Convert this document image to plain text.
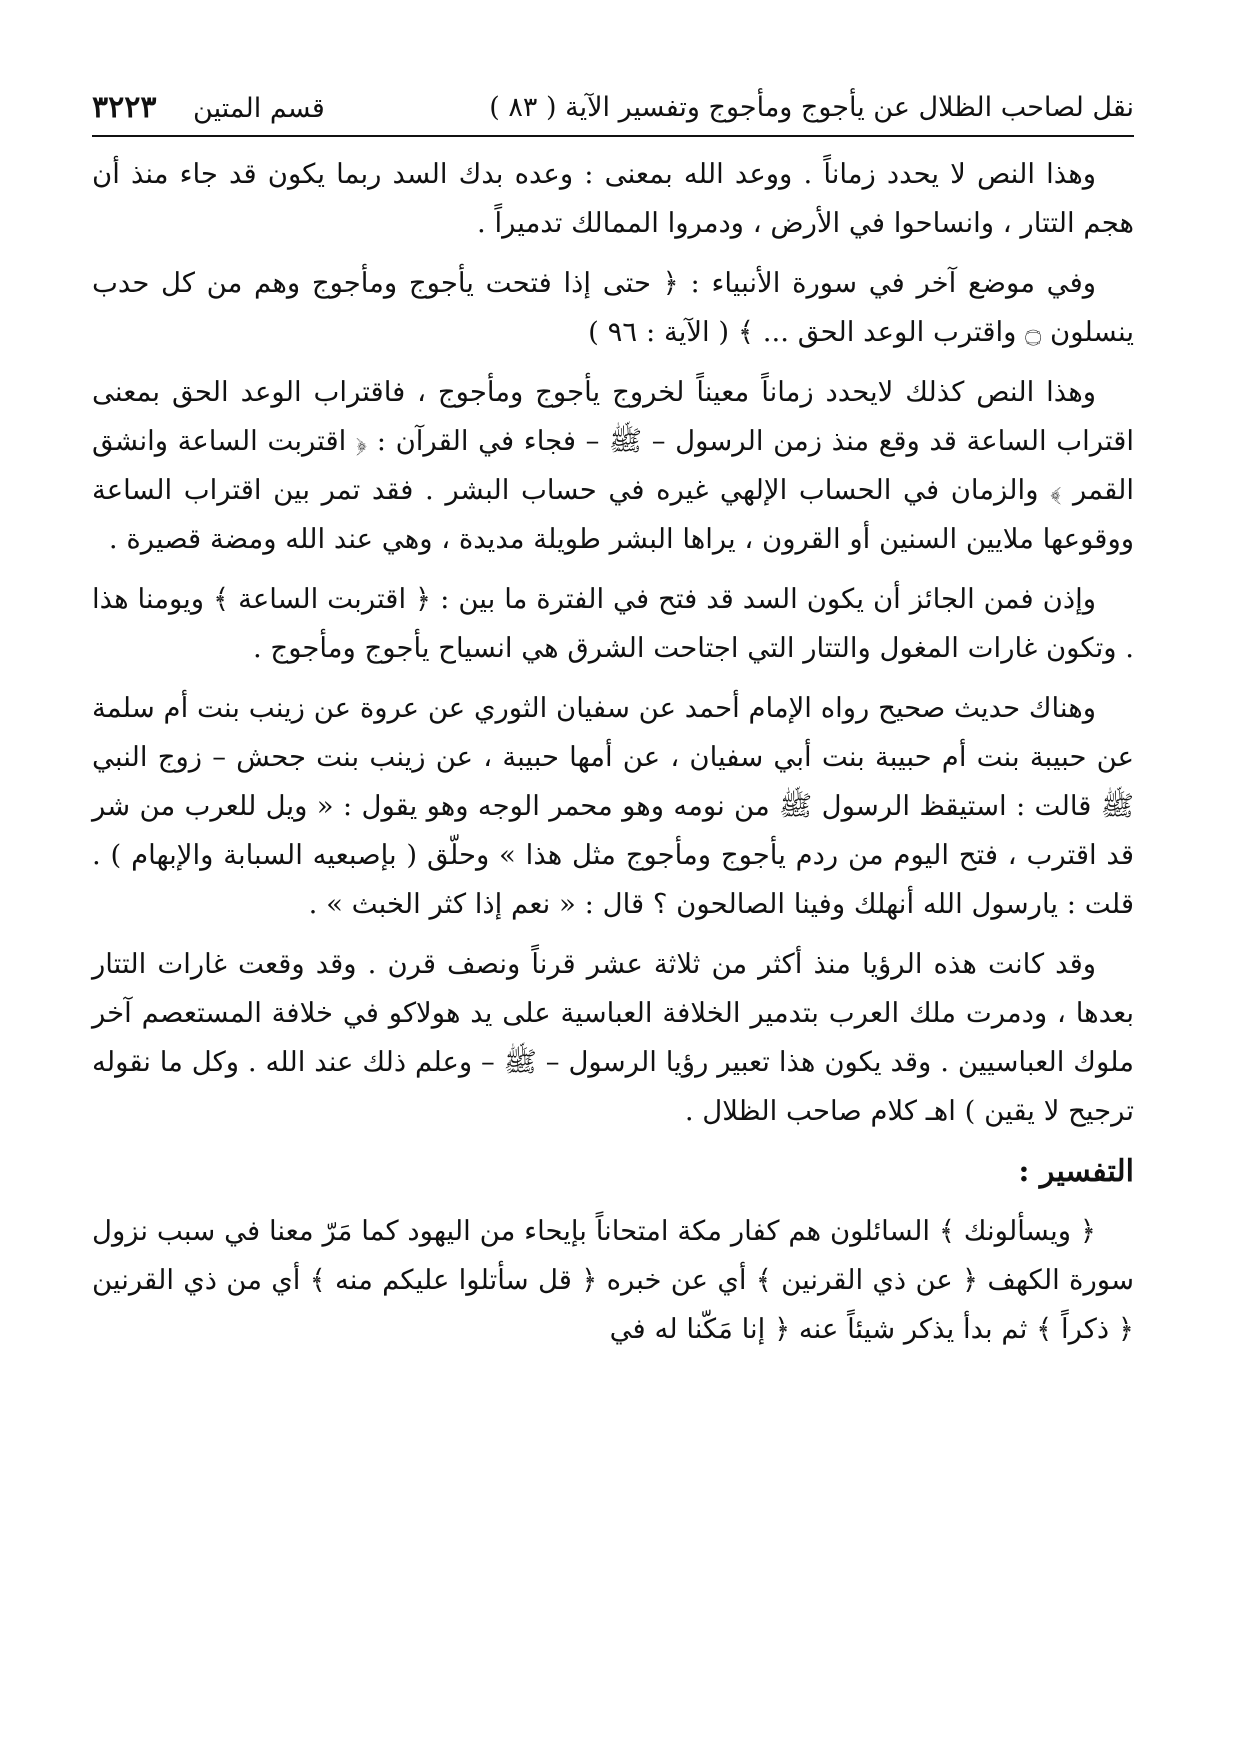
نقل لصاحب الظلال عن يأجوج ومأجوج وتفسير الآية ( ٨٣ )
قسم المتين ٣٢٢٣

وهذا النص لا يحدد زماناً . ووعد الله بمعنى : وعده بدك السد ربما يكون قد جاء منذ أن هجم التتار ، وانساحوا في الأرض ، ودمروا الممالك تدميراً .

وفي موضع آخر في سورة الأنبياء : ﴿ حتى إذا فتحت يأجوج ومأجوج وهم من كل حدب ينسلون ۝ واقترب الوعد الحق ... ﴾ ( الآية : ٩٦ )

وهذا النص كذلك لايحدد زماناً معيناً لخروج يأجوج ومأجوج ، فاقتراب الوعد الحق بمعنى اقتراب الساعة قد وقع منذ زمن الرسول – ﷺ – فجاء في القرآن : ﴿ اقتربت الساعة وانشق القمر ﴾ والزمان في الحساب الإلهي غيره في حساب البشر . فقد تمر بين اقتراب الساعة ووقوعها ملايين السنين أو القرون ، يراها البشر طويلة مديدة ، وهي عند الله ومضة قصيرة .

وإذن فمن الجائز أن يكون السد قد فتح في الفترة ما بين : ﴿ اقتربت الساعة ﴾ ويومنا هذا . وتكون غارات المغول والتتار التي اجتاحت الشرق هي انسياح يأجوج ومأجوج .

وهناك حديث صحيح رواه الإمام أحمد عن سفيان الثوري عن عروة عن زينب بنت أم سلمة عن حبيبة بنت أم حبيبة بنت أبي سفيان ، عن أمها حبيبة ، عن زينب بنت جحش – زوج النبي ﷺ قالت : استيقظ الرسول ﷺ من نومه وهو محمر الوجه وهو يقول : « ويل للعرب من شر قد اقترب ، فتح اليوم من ردم يأجوج ومأجوج مثل هذا » وحلّق ( بإصبعيه السبابة والإبهام ) . قلت : يارسول الله أنهلك وفينا الصالحون ؟ قال : « نعم إذا كثر الخبث » .

وقد كانت هذه الرؤيا منذ أكثر من ثلاثة عشر قرناً ونصف قرن . وقد وقعت غارات التتار بعدها ، ودمرت ملك العرب بتدمير الخلافة العباسية على يد هولاكو في خلافة المستعصم آخر ملوك العباسيين . وقد يكون هذا تعبير رؤيا الرسول – ﷺ – وعلم ذلك عند الله . وكل ما نقوله ترجيح لا يقين ) اهـ كلام صاحب الظلال .

التفسير :

﴿ ويسألونك ﴾ السائلون هم كفار مكة امتحاناً بإيحاء من اليهود كما مَرّ معنا في سبب نزول سورة الكهف ﴿ عن ذي القرنين ﴾ أي عن خبره ﴿ قل سأتلوا عليكم منه ﴾ أي من ذي القرنين ﴿ ذكراً ﴾ ثم بدأ يذكر شيئاً عنه ﴿ إنا مَكّنا له في
